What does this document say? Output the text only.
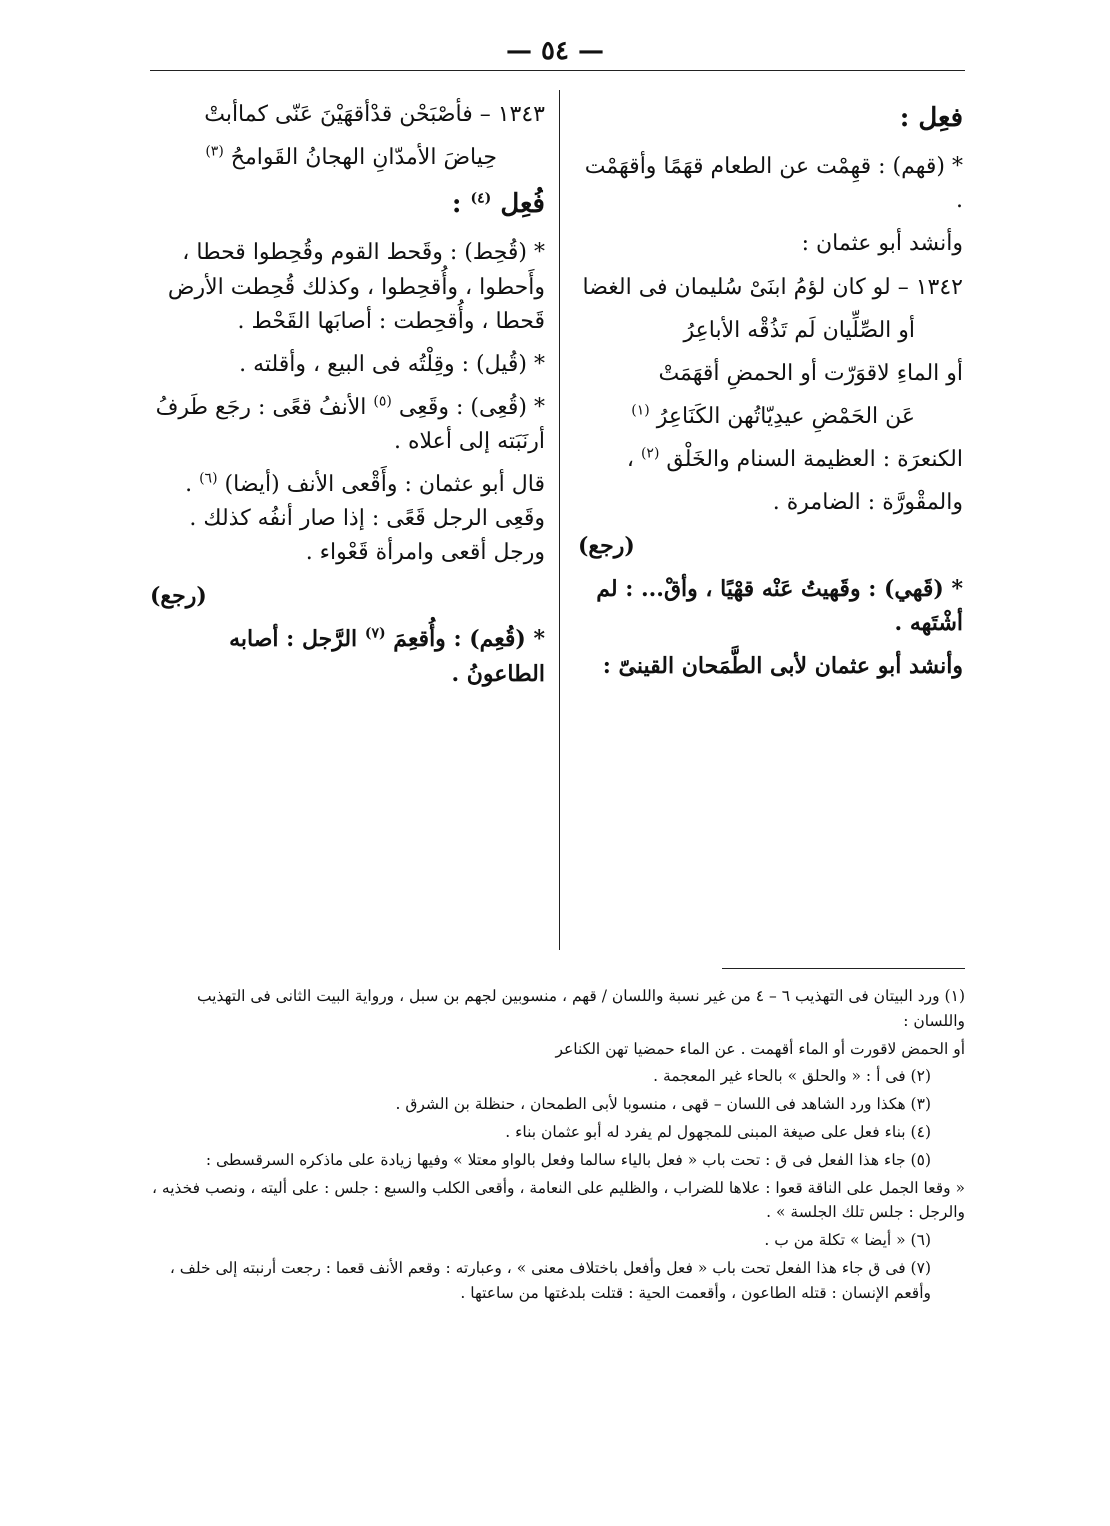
— ٥٤ —

فعِل :

* (قهم) : قهِمْت عن الطعام قهَمًا وأقهَمْت .

وأنشد أبو عثمان :

١٣٤٢ – لو كان لؤمُ ابنَىْ سُليمان فى الغضا

أو الصِّلِّيان لَم تَذُقْه الأباعِرُ

أو الماءِ لاقوَرّت أو الحمضِ أقهَمَتْ

عَن الحَمْضِ عيدِيّاتُهن الكَنَاعِرُ $^{(١)}$

الكنعرَة : العظيمة السنام والخَلْق $^{(٢)}$ ،

والمقْورَّة : الضامرة .

(رجع)

* (قَهي) : وقَهيتُ عَنْه قهْيًا ، وأقْ... : لم أشْتَهه .

وأنشد أبو عثمان لأبى الطَّمَحان القينىّ :

١٣٤٣ – فأصْبَحْن قدْأقهَيْنَ عَنّى كماأبتْ

حِياضَ الأمدّانِ الهجانُ القَوامحُ $^{(٣)}$

فُعِل $^{(٤)}$ :

* (قُحِط) : وقَحط القوم وقُحِطوا قحطا ، وأَحطوا ، وأُقحِطوا ، وكذلك قُحِطت الأرض قَحطا ، وأُقحِطت : أصابَها القَحْط .

* (قُيل) : وقِلْتُه فى البيع ، وأقلته .

* (قُعِى) : وقَعِى $^{(٥)}$ الأنفُ قعًى : رجَع طَرفُ أرنَبَته إلى أعلاه .

قال أبو عثمان : وأَقْعى الأنف (أيضا) $^{(٦)}$ . وقَعِى الرجل قَعًى : إذا صار أنفُه كذلك . ورجل أقعى وامرأة قَعْواء .

(رجع)

* (قُعِم) : وأُقعِمَ $^{(٧)}$ الرَّجل : أصابه الطاعونُ .

(١) ورد البيتان فى التهذيب ٦ – ٤ من غير نسبة واللسان / قهم ، منسوبين لجهم بن سبل ، ورواية البيت الثانى فى التهذيب واللسان :

أو الحمض لاقورت أو الماء أقهمت . عن الماء حمضيا تهن الكناعر

(٢) فى أ : « والحلق » بالحاء غير المعجمة .

(٣) هكذا ورد الشاهد فى اللسان – قهى ، منسوبا لأبى الطمحان ، حنظلة بن الشرق .

(٤) بناء فعل على صيغة المبنى للمجهول لم يفرد له أبو عثمان بناء .

(٥) جاء هذا الفعل فى ق : تحت باب « فعل بالياء سالما وفعل بالواو معتلا » وفيها زيادة على ماذكره السرقسطى :

« وقعا الجمل على الناقة قعوا : علاها للضراب ، والظليم على النعامة ، وأقعى الكلب والسبع : جلس : على أليته ، ونصب فخذيه ، والرجل : جلس تلك الجلسة » .

(٦) « أيضا » تكلة من ب .

(٧) فى ق جاء هذا الفعل تحت باب « فعل وأفعل باختلاف معنى » ، وعبارته : وقعم الأنف قعما : رجعت أرنبته إلى خلف ، وأقعم الإنسان : قتله الطاعون ، وأقعمت الحية : قتلت بلدغتها من ساعتها .
